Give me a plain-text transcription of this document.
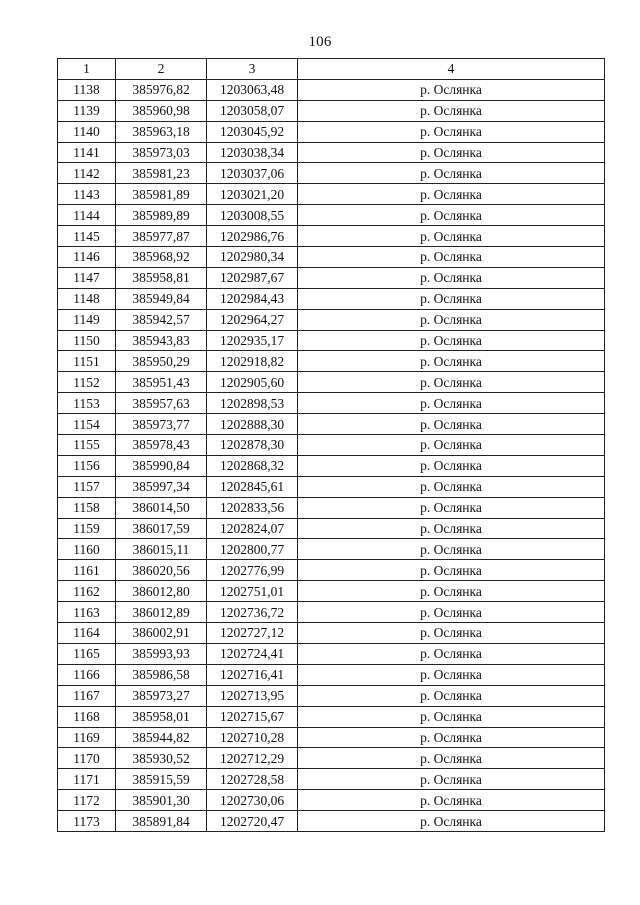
106
1	2	3	4
1138	385976,82	1203063,48	р. Ослянка
1139	385960,98	1203058,07	р. Ослянка
1140	385963,18	1203045,92	р. Ослянка
1141	385973,03	1203038,34	р. Ослянка
1142	385981,23	1203037,06	р. Ослянка
1143	385981,89	1203021,20	р. Ослянка
1144	385989,89	1203008,55	р. Ослянка
1145	385977,87	1202986,76	р. Ослянка
1146	385968,92	1202980,34	р. Ослянка
1147	385958,81	1202987,67	р. Ослянка
1148	385949,84	1202984,43	р. Ослянка
1149	385942,57	1202964,27	р. Ослянка
1150	385943,83	1202935,17	р. Ослянка
1151	385950,29	1202918,82	р. Ослянка
1152	385951,43	1202905,60	р. Ослянка
1153	385957,63	1202898,53	р. Ослянка
1154	385973,77	1202888,30	р. Ослянка
1155	385978,43	1202878,30	р. Ослянка
1156	385990,84	1202868,32	р. Ослянка
1157	385997,34	1202845,61	р. Ослянка
1158	386014,50	1202833,56	р. Ослянка
1159	386017,59	1202824,07	р. Ослянка
1160	386015,11	1202800,77	р. Ослянка
1161	386020,56	1202776,99	р. Ослянка
1162	386012,80	1202751,01	р. Ослянка
1163	386012,89	1202736,72	р. Ослянка
1164	386002,91	1202727,12	р. Ослянка
1165	385993,93	1202724,41	р. Ослянка
1166	385986,58	1202716,41	р. Ослянка
1167	385973,27	1202713,95	р. Ослянка
1168	385958,01	1202715,67	р. Ослянка
1169	385944,82	1202710,28	р. Ослянка
1170	385930,52	1202712,29	р. Ослянка
1171	385915,59	1202728,58	р. Ослянка
1172	385901,30	1202730,06	р. Ослянка
1173	385891,84	1202720,47	р. Ослянка
